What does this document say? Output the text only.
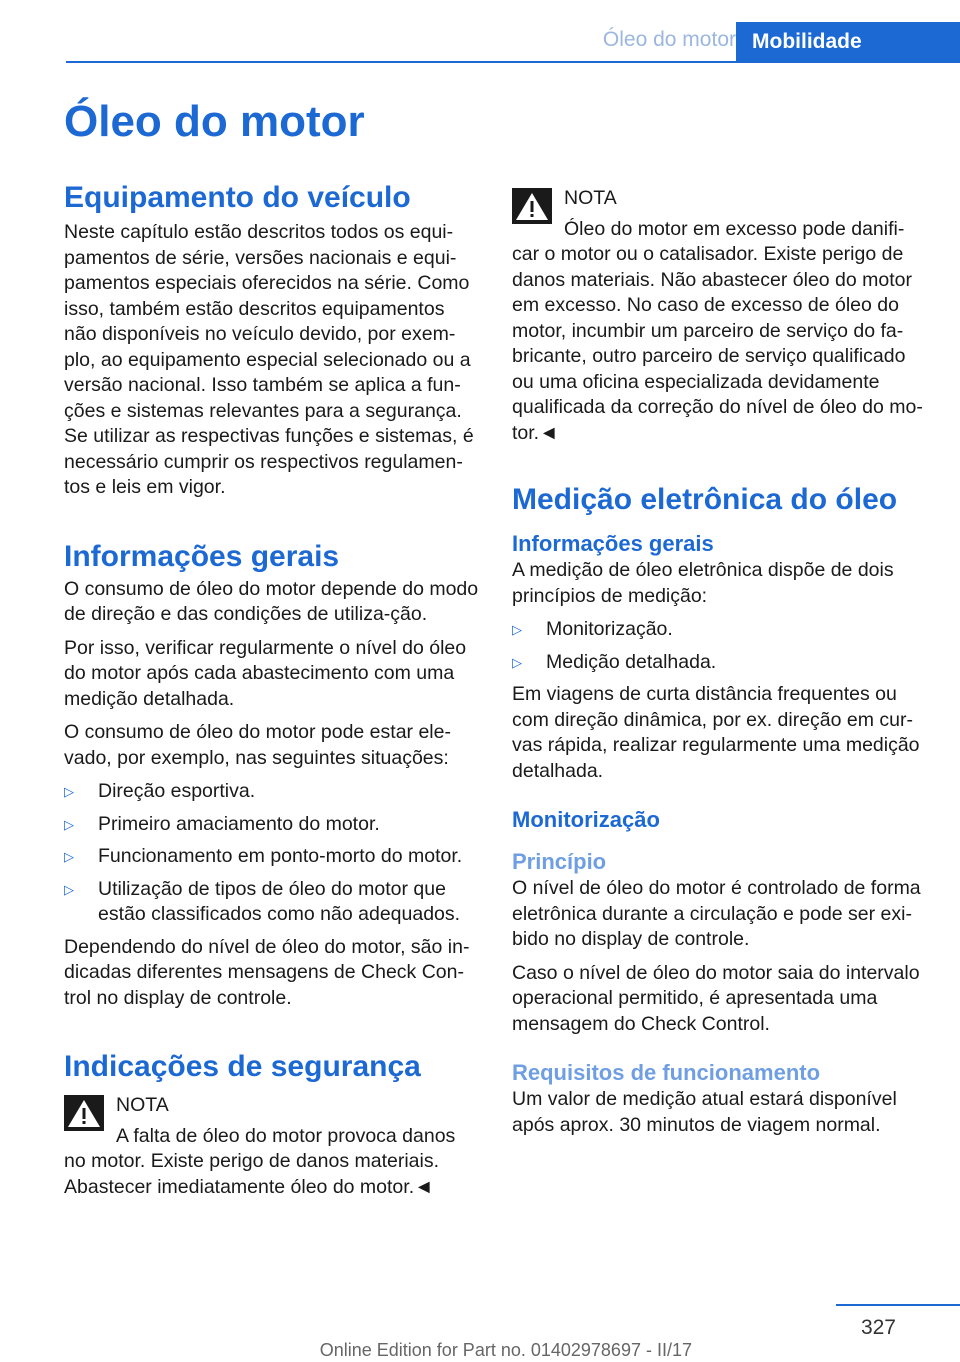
Óleo do motor Mobilidade
Óleo do motor
Equipamento do veículo

Neste capítulo estão descritos todos os equi-pamentos de série, versões nacionais e equi-pamentos especiais oferecidos na série. Como isso, também estão descritos equipamentos não disponíveis no veículo devido, por exem-plo, ao equipamento especial selecionado ou a versão nacional. Isso também se aplica a fun-ções e sistemas relevantes para a segurança. Se utilizar as respectivas funções e sistemas, é necessário cumprir os respectivos regulamen-tos e leis em vigor.

Informações gerais

O consumo de óleo do motor depende do modo de direção e das condições de utiliza-ção.

Por isso, verificar regularmente o nível do óleo do motor após cada abastecimento com uma medição detalhada.

O consumo de óleo do motor pode estar ele-vado, por exemplo, nas seguintes situações:

▷ Direção esportiva.
▷ Primeiro amaciamento do motor.
▷ Funcionamento em ponto-morto do motor.
▷ Utilização de tipos de óleo do motor que estão classificados como não adequados.

Dependendo do nível de óleo do motor, são in-dicadas diferentes mensagens de Check Con-trol no display de controle.

Indicações de segurança
NOTA

A falta de óleo do motor provoca danos no motor. Existe perigo de danos materiais. Abastecer imediatamente óleo do motor.◄

NOTA

Óleo do motor em excesso pode danifi-car o motor ou o catalisador. Existe perigo de danos materiais. Não abastecer óleo do motor em excesso. No caso de excesso de óleo do motor, incumbir um parceiro de serviço do fa-bricante, outro parceiro de serviço qualificado ou uma oficina especializada devidamente qualificada da correção do nível de óleo do mo-tor.◄

Medição eletrônica do óleo
Informações gerais

A medição de óleo eletrônica dispõe de dois princípios de medição:

▷ Monitorização.
▷ Medição detalhada.

Em viagens de curta distância frequentes ou com direção dinâmica, por ex. direção em cur-vas rápida, realizar regularmente uma medição detalhada.

Monitorização
Princípio

O nível de óleo do motor é controlado de forma eletrônica durante a circulação e pode ser exi-bido no display de controle.

Caso o nível de óleo do motor saia do intervalo operacional permitido, é apresentada uma mensagem do Check Control.

Requisitos de funcionamento

Um valor de medição atual estará disponível após aprox. 30 minutos de viagem normal.

327
Online Edition for Part no. 01402978697 - II/17
